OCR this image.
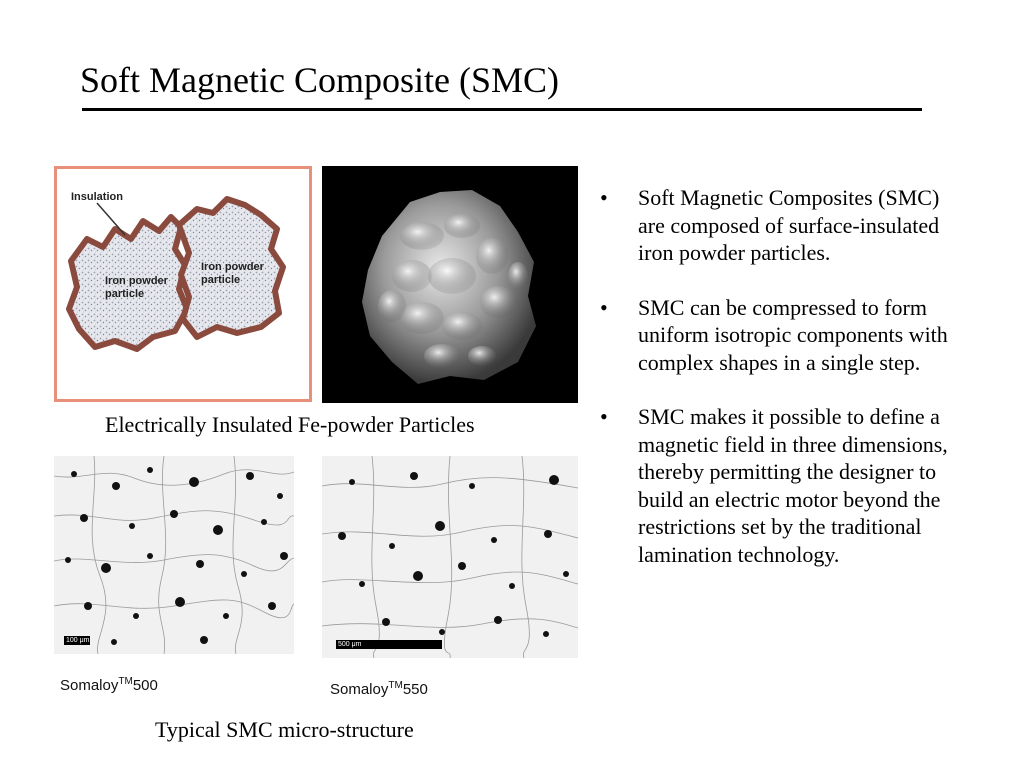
Soft Magnetic Composite (SMC)
Insulation
Iron powder
particle
Iron powder
particle
Electrically Insulated Fe-powder Particles
100 μm
500 μm
Somaloy™500	Somaloy™550
Typical SMC micro-structure
• Soft Magnetic Composites (SMC) are composed of surface-insulated iron powder particles.
• SMC can be compressed to form uniform isotropic components with complex shapes in a single step.
• SMC makes it possible to define a magnetic field in three dimensions, thereby permitting the designer to build an electric motor beyond the restrictions set by the traditional lamination technology.
